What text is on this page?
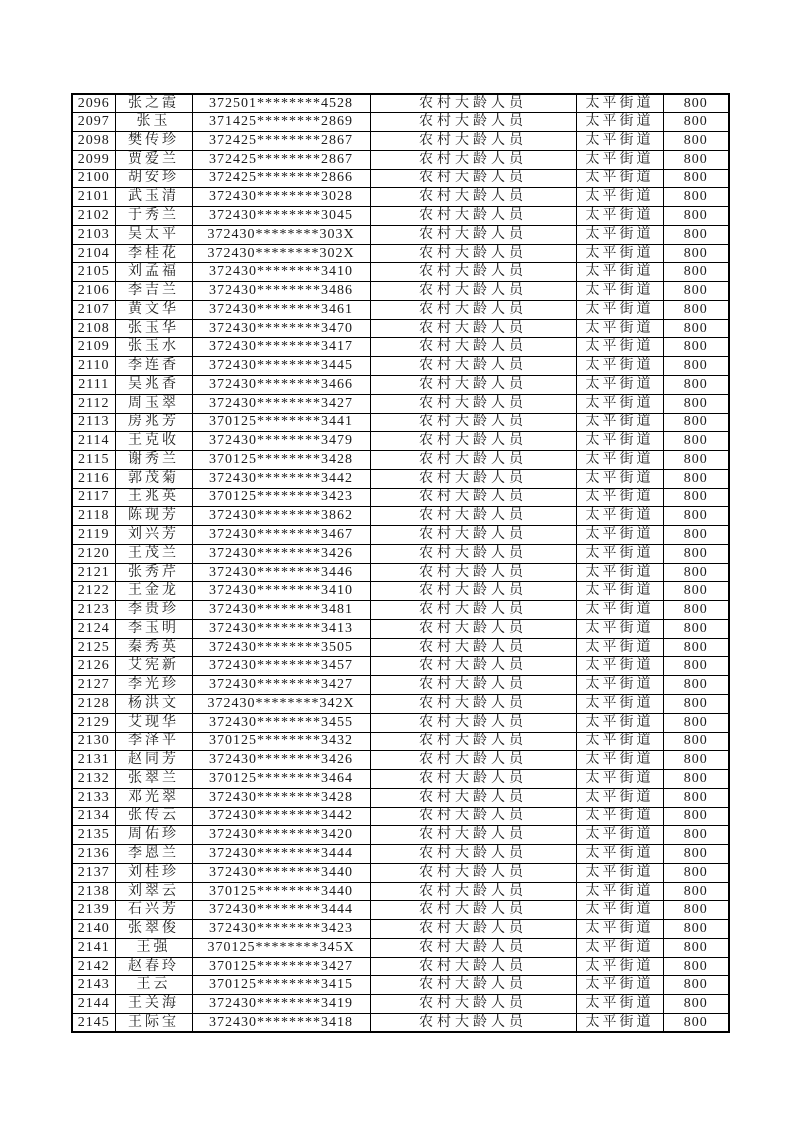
2096	张之霞	372501********4528	农村大龄人员	太平街道	800
2097	张玉	371425********2869	农村大龄人员	太平街道	800
2098	樊传珍	372425********2867	农村大龄人员	太平街道	800
2099	贾爱兰	372425********2867	农村大龄人员	太平街道	800
2100	胡安珍	372425********2866	农村大龄人员	太平街道	800
2101	武玉清	372430********3028	农村大龄人员	太平街道	800
2102	于秀兰	372430********3045	农村大龄人员	太平街道	800
2103	吴太平	372430********303X	农村大龄人员	太平街道	800
2104	李桂花	372430********302X	农村大龄人员	太平街道	800
2105	刘孟福	372430********3410	农村大龄人员	太平街道	800
2106	李吉兰	372430********3486	农村大龄人员	太平街道	800
2107	黄文华	372430********3461	农村大龄人员	太平街道	800
2108	张玉华	372430********3470	农村大龄人员	太平街道	800
2109	张玉水	372430********3417	农村大龄人员	太平街道	800
2110	李连香	372430********3445	农村大龄人员	太平街道	800
2111	吴兆香	372430********3466	农村大龄人员	太平街道	800
2112	周玉翠	372430********3427	农村大龄人员	太平街道	800
2113	房兆芳	370125********3441	农村大龄人员	太平街道	800
2114	王克收	372430********3479	农村大龄人员	太平街道	800
2115	谢秀兰	370125********3428	农村大龄人员	太平街道	800
2116	郭茂菊	372430********3442	农村大龄人员	太平街道	800
2117	王兆英	370125********3423	农村大龄人员	太平街道	800
2118	陈现芳	372430********3862	农村大龄人员	太平街道	800
2119	刘兴芳	372430********3467	农村大龄人员	太平街道	800
2120	王茂兰	372430********3426	农村大龄人员	太平街道	800
2121	张秀芹	372430********3446	农村大龄人员	太平街道	800
2122	王金龙	372430********3410	农村大龄人员	太平街道	800
2123	李贵珍	372430********3481	农村大龄人员	太平街道	800
2124	李玉明	372430********3413	农村大龄人员	太平街道	800
2125	秦秀英	372430********3505	农村大龄人员	太平街道	800
2126	艾宪新	372430********3457	农村大龄人员	太平街道	800
2127	李光珍	372430********3427	农村大龄人员	太平街道	800
2128	杨洪文	372430********342X	农村大龄人员	太平街道	800
2129	艾现华	372430********3455	农村大龄人员	太平街道	800
2130	李泽平	370125********3432	农村大龄人员	太平街道	800
2131	赵同芳	372430********3426	农村大龄人员	太平街道	800
2132	张翠兰	370125********3464	农村大龄人员	太平街道	800
2133	邓光翠	372430********3428	农村大龄人员	太平街道	800
2134	张传云	372430********3442	农村大龄人员	太平街道	800
2135	周佑珍	372430********3420	农村大龄人员	太平街道	800
2136	李恩兰	372430********3444	农村大龄人员	太平街道	800
2137	刘桂珍	372430********3440	农村大龄人员	太平街道	800
2138	刘翠云	370125********3440	农村大龄人员	太平街道	800
2139	石兴芳	372430********3444	农村大龄人员	太平街道	800
2140	张翠俊	372430********3423	农村大龄人员	太平街道	800
2141	王强	370125********345X	农村大龄人员	太平街道	800
2142	赵春玲	370125********3427	农村大龄人员	太平街道	800
2143	王云	370125********3415	农村大龄人员	太平街道	800
2144	王关海	372430********3419	农村大龄人员	太平街道	800
2145	王际宝	372430********3418	农村大龄人员	太平街道	800
